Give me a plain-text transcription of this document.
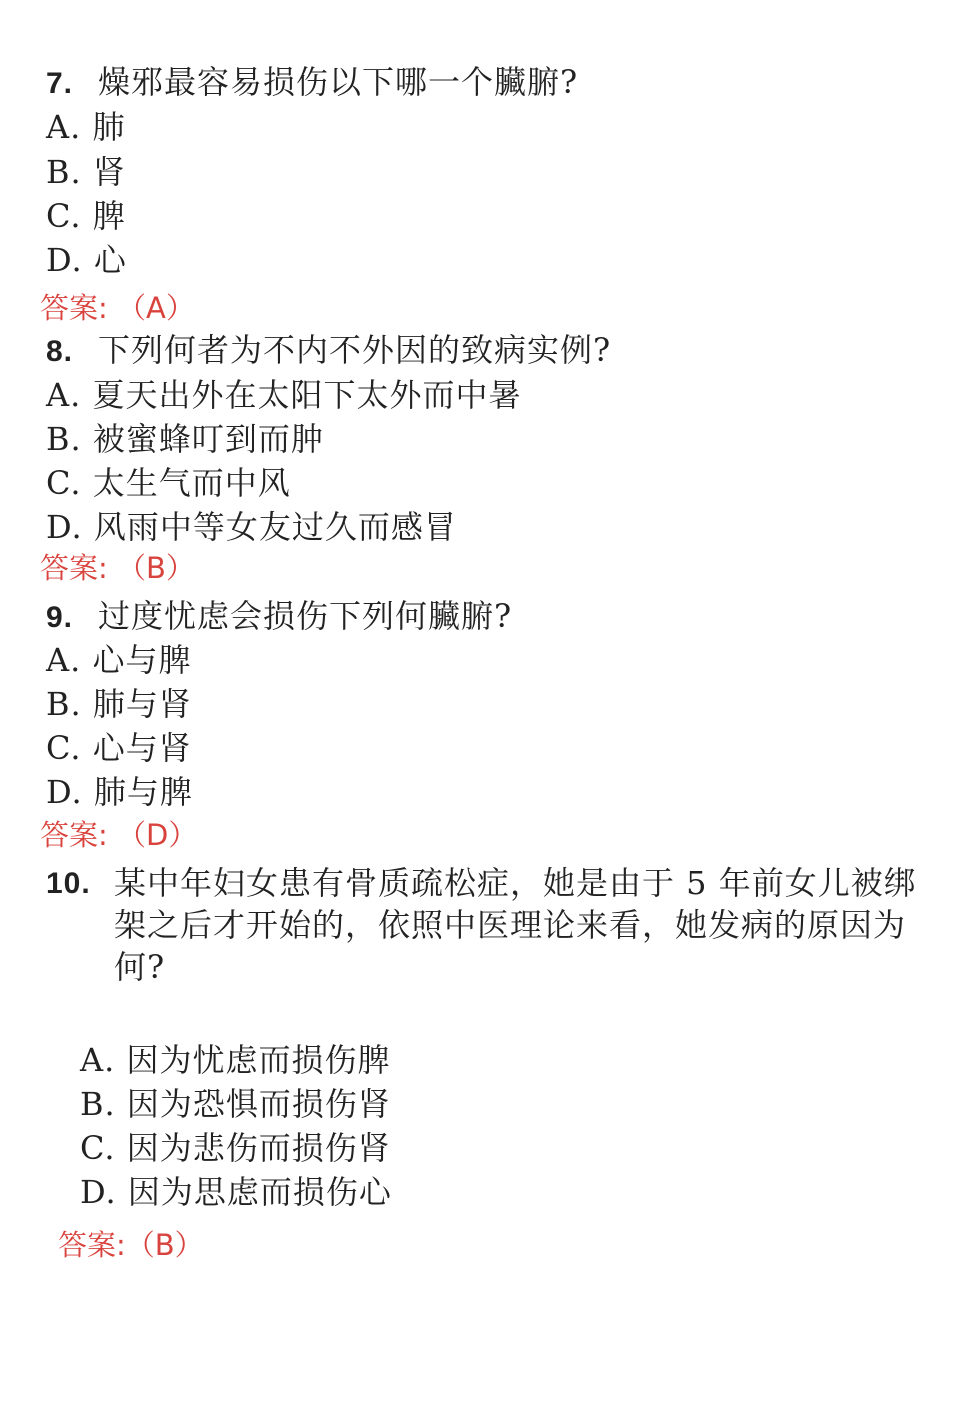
7. 燥邪最容易损伤以下哪一个臟腑?
A. 肺
B. 肾
C. 脾
D. 心
答案: （A）
8. 下列何者为不内不外因的致病实例?
A. 夏天出外在太阳下太外而中暑
B. 被蜜蜂叮到而肿
C. 太生气而中风
D. 风雨中等女友过久而感冒
答案: （B）
9. 过度忧虑会损伤下列何臟腑?
A. 心与脾
B. 肺与肾
C. 心与肾
D. 肺与脾
答案: （D）
10. 某中年妇女患有骨质疏松症，她是由于 5 年前女儿被绑架之后才开始的，依照中医理论来看，她发病的原因为何?
A. 因为忧虑而损伤脾
B. 因为恐惧而损伤肾
C. 因为悲伤而损伤肾
D. 因为思虑而损伤心
答案:（B）
